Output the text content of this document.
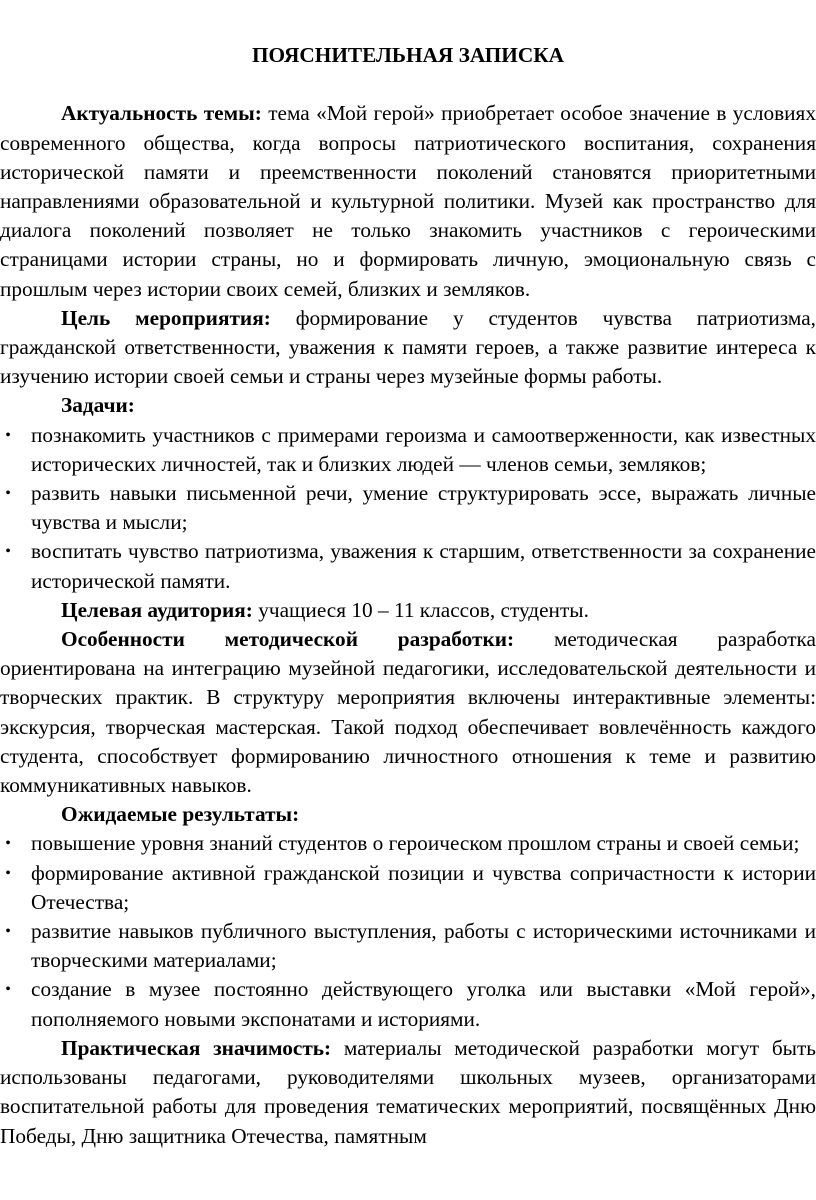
ПОЯСНИТЕЛЬНАЯ ЗАПИСКА

Актуальность темы: тема «Мой герой» приобретает особое значение в условиях современного общества, когда вопросы патриотического воспитания, сохранения исторической памяти и преемственности поколений становятся приоритетными направлениями образовательной и культурной политики. Музей как пространство для диалога поколений позволяет не только знакомить участников с героическими страницами истории страны, но и формировать личную, эмоциональную связь с прошлым через истории своих семей, близких и земляков.

Цель мероприятия: формирование у студентов чувства патриотизма, гражданской ответственности, уважения к памяти героев, а также развитие интереса к изучению истории своей семьи и страны через музейные формы работы.

Задачи:

• познакомить участников с примерами героизма и самоотверженности, как известных исторических личностей, так и близких людей — членов семьи, земляков;
• развить навыки письменной речи, умение структурировать эссе, выражать личные чувства и мысли;
• воспитать чувство патриотизма, уважения к старшим, ответственности за сохранение исторической памяти.

Целевая аудитория: учащиеся 10 – 11 классов, студенты.

Особенности методической разработки: методическая разработка ориентирована на интеграцию музейной педагогики, исследовательской деятельности и творческих практик. В структуру мероприятия включены интерактивные элементы: экскурсия, творческая мастерская. Такой подход обеспечивает вовлечённость каждого студента, способствует формированию личностного отношения к теме и развитию коммуникативных навыков.

Ожидаемые результаты:

• повышение уровня знаний студентов о героическом прошлом страны и своей семьи;
• формирование активной гражданской позиции и чувства сопричастности к истории Отечества;
• развитие навыков публичного выступления, работы с историческими источниками и творческими материалами;
• создание в музее постоянно действующего уголка или выставки «Мой герой», пополняемого новыми экспонатами и историями.

Практическая значимость: материалы методической разработки могут быть использованы педагогами, руководителями школьных музеев, организаторами воспитательной работы для проведения тематических мероприятий, посвящённых Дню Победы, Дню защитника Отечества, памятным
